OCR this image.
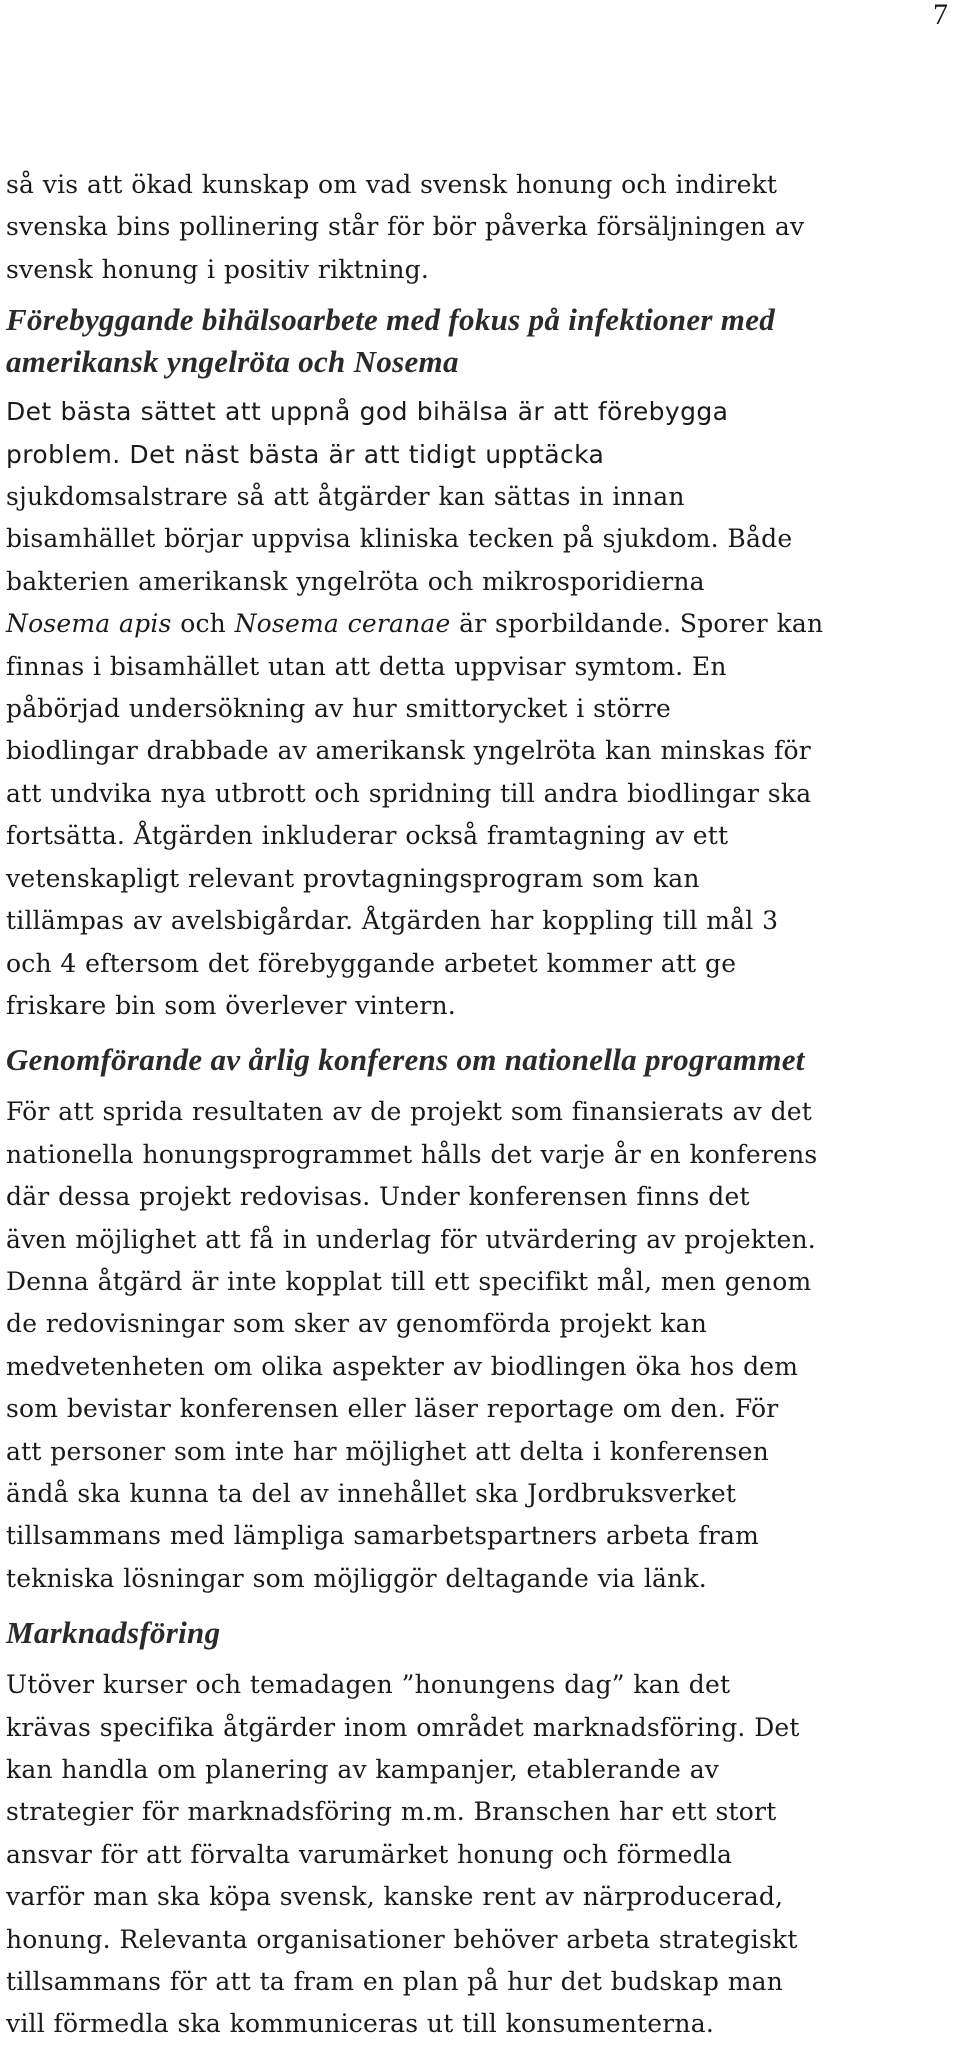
7

så vis att ökad kunskap om vad svensk honung och indirekt
svenska bins pollinering står för bör påverka försäljningen av
svensk honung i positiv riktning.

Förebyggande bihälsoarbete med fokus på infektioner med
amerikansk yngelröta och Nosema

Det bästa sättet att uppnå god bihälsa är att förebygga
problem. Det näst bästa är att tidigt upptäcka
sjukdomsalstrare så att åtgärder kan sättas in innan
bisamhället börjar uppvisa kliniska tecken på sjukdom. Både
bakterien amerikansk yngelröta och mikrosporidierna
Nosema apis och Nosema ceranae är sporbildande. Sporer kan
finnas i bisamhället utan att detta uppvisar symtom. En
påbörjad undersökning av hur smittorycket i större
biodlingar drabbade av amerikansk yngelröta kan minskas för
att undvika nya utbrott och spridning till andra biodlingar ska
fortsätta. Åtgärden inkluderar också framtagning av ett
vetenskapligt relevant provtagningsprogram som kan
tillämpas av avelsbigårdar. Åtgärden har koppling till mål 3
och 4 eftersom det förebyggande arbetet kommer att ge
friskare bin som överlever vintern.

Genomförande av årlig konferens om nationella programmet

För att sprida resultaten av de projekt som finansierats av det
nationella honungsprogrammet hålls det varje år en konferens
där dessa projekt redovisas. Under konferensen finns det
även möjlighet att få in underlag för utvärdering av projekten.
Denna åtgärd är inte kopplat till ett specifikt mål, men genom
de redovisningar som sker av genomförda projekt kan
medvetenheten om olika aspekter av biodlingen öka hos dem
som bevistar konferensen eller läser reportage om den. För
att personer som inte har möjlighet att delta i konferensen
ändå ska kunna ta del av innehållet ska Jordbruksverket
tillsammans med lämpliga samarbetspartners arbeta fram
tekniska lösningar som möjliggör deltagande via länk.

Marknadsföring

Utöver kurser och temadagen ”honungens dag” kan det
krävas specifika åtgärder inom området marknadsföring. Det
kan handla om planering av kampanjer, etablerande av
strategier för marknadsföring m.m. Branschen har ett stort
ansvar för att förvalta varumärket honung och förmedla
varför man ska köpa svensk, kanske rent av närproducerad,
honung. Relevanta organisationer behöver arbeta strategiskt
tillsammans för att ta fram en plan på hur det budskap man
vill förmedla ska kommuniceras ut till konsumenterna.
